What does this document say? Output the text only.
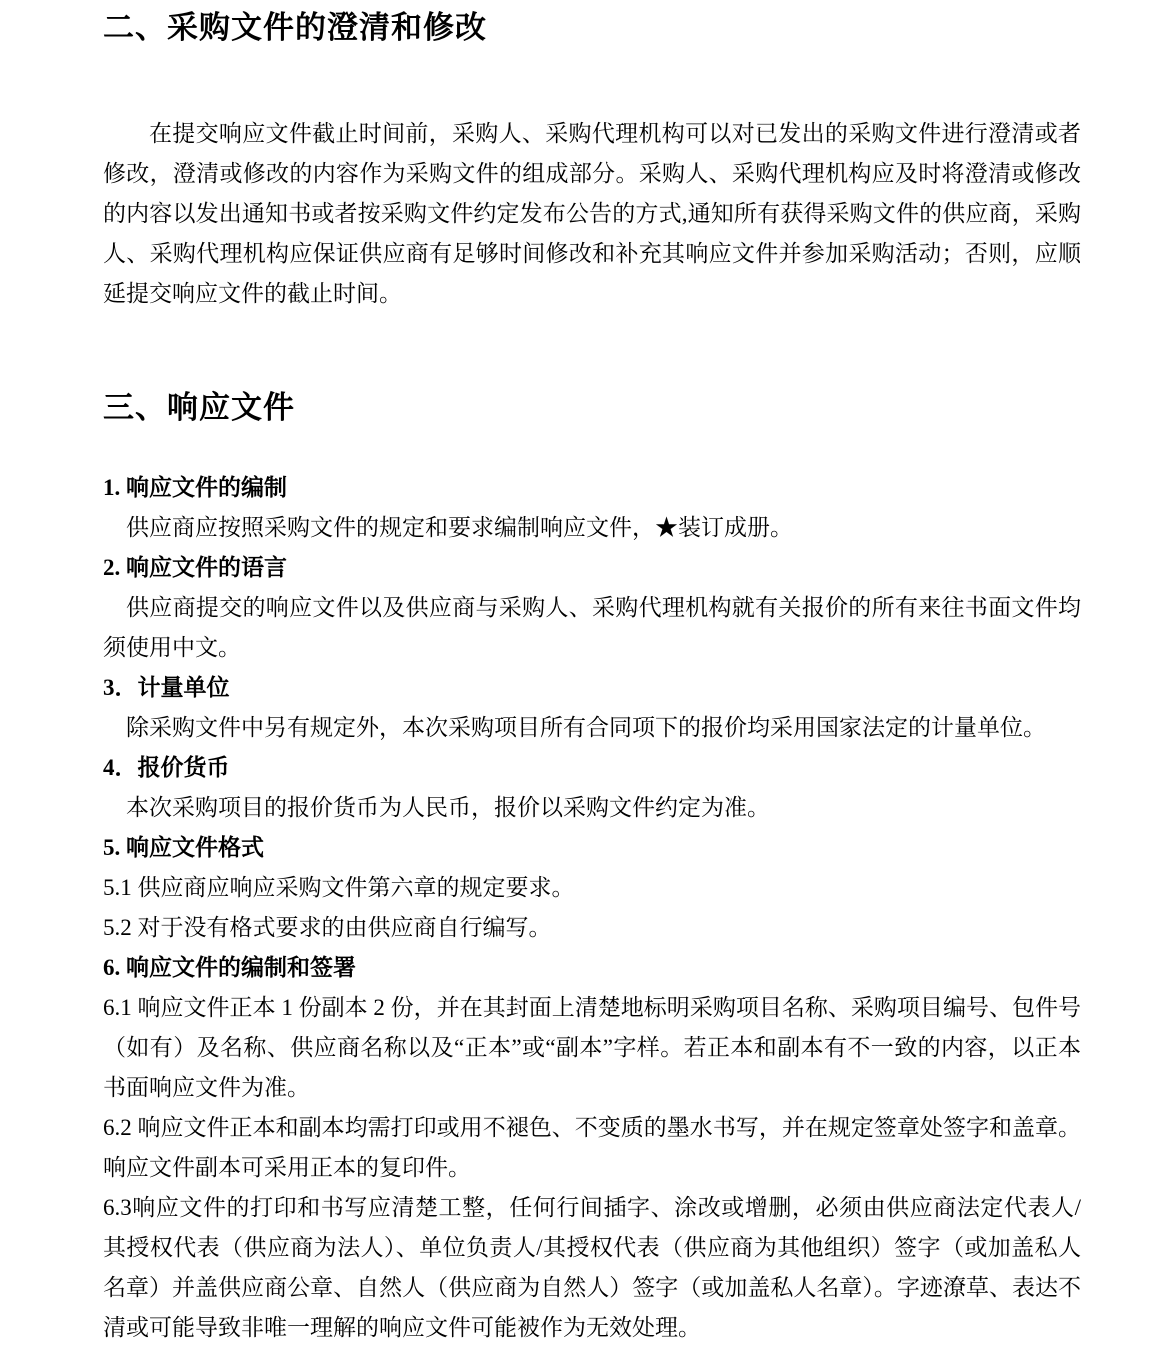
二、采购文件的澄清和修改

在提交响应文件截止时间前，采购人、采购代理机构可以对已发出的采购文件进行澄清或者修改，澄清或修改的内容作为采购文件的组成部分。采购人、采购代理机构应及时将澄清或修改的内容以发出通知书或者按采购文件约定发布公告的方式,通知所有获得采购文件的供应商，采购人、采购代理机构应保证供应商有足够时间修改和补充其响应文件并参加采购活动；否则，应顺延提交响应文件的截止时间。

三、响应文件

1. 响应文件的编制

供应商应按照采购文件的规定和要求编制响应文件，★装订成册。

2. 响应文件的语言

供应商提交的响应文件以及供应商与采购人、采购代理机构就有关报价的所有来往书面文件均须使用中文。

3．计量单位

除采购文件中另有规定外，本次采购项目所有合同项下的报价均采用国家法定的计量单位。

4．报价货币

本次采购项目的报价货币为人民币，报价以采购文件约定为准。

5. 响应文件格式

5.1 供应商应响应采购文件第六章的规定要求。

5.2 对于没有格式要求的由供应商自行编写。

6. 响应文件的编制和签署

6.1 响应文件正本 1 份副本 2 份，并在其封面上清楚地标明采购项目名称、采购项目编号、包件号（如有）及名称、供应商名称以及“正本”或“副本”字样。若正本和副本有不一致的内容，以正本书面响应文件为准。

6.2 响应文件正本和副本均需打印或用不褪色、不变质的墨水书写，并在规定签章处签字和盖章。响应文件副本可采用正本的复印件。

6.3响应文件的打印和书写应清楚工整，任何行间插字、涂改或增删，必须由供应商法定代表人/其授权代表（供应商为法人）、单位负责人/其授权代表（供应商为其他组织）签字（或加盖私人名章）并盖供应商公章、自然人（供应商为自然人）签字（或加盖私人名章）。字迹潦草、表达不清或可能导致非唯一理解的响应文件可能被作为无效处理。
